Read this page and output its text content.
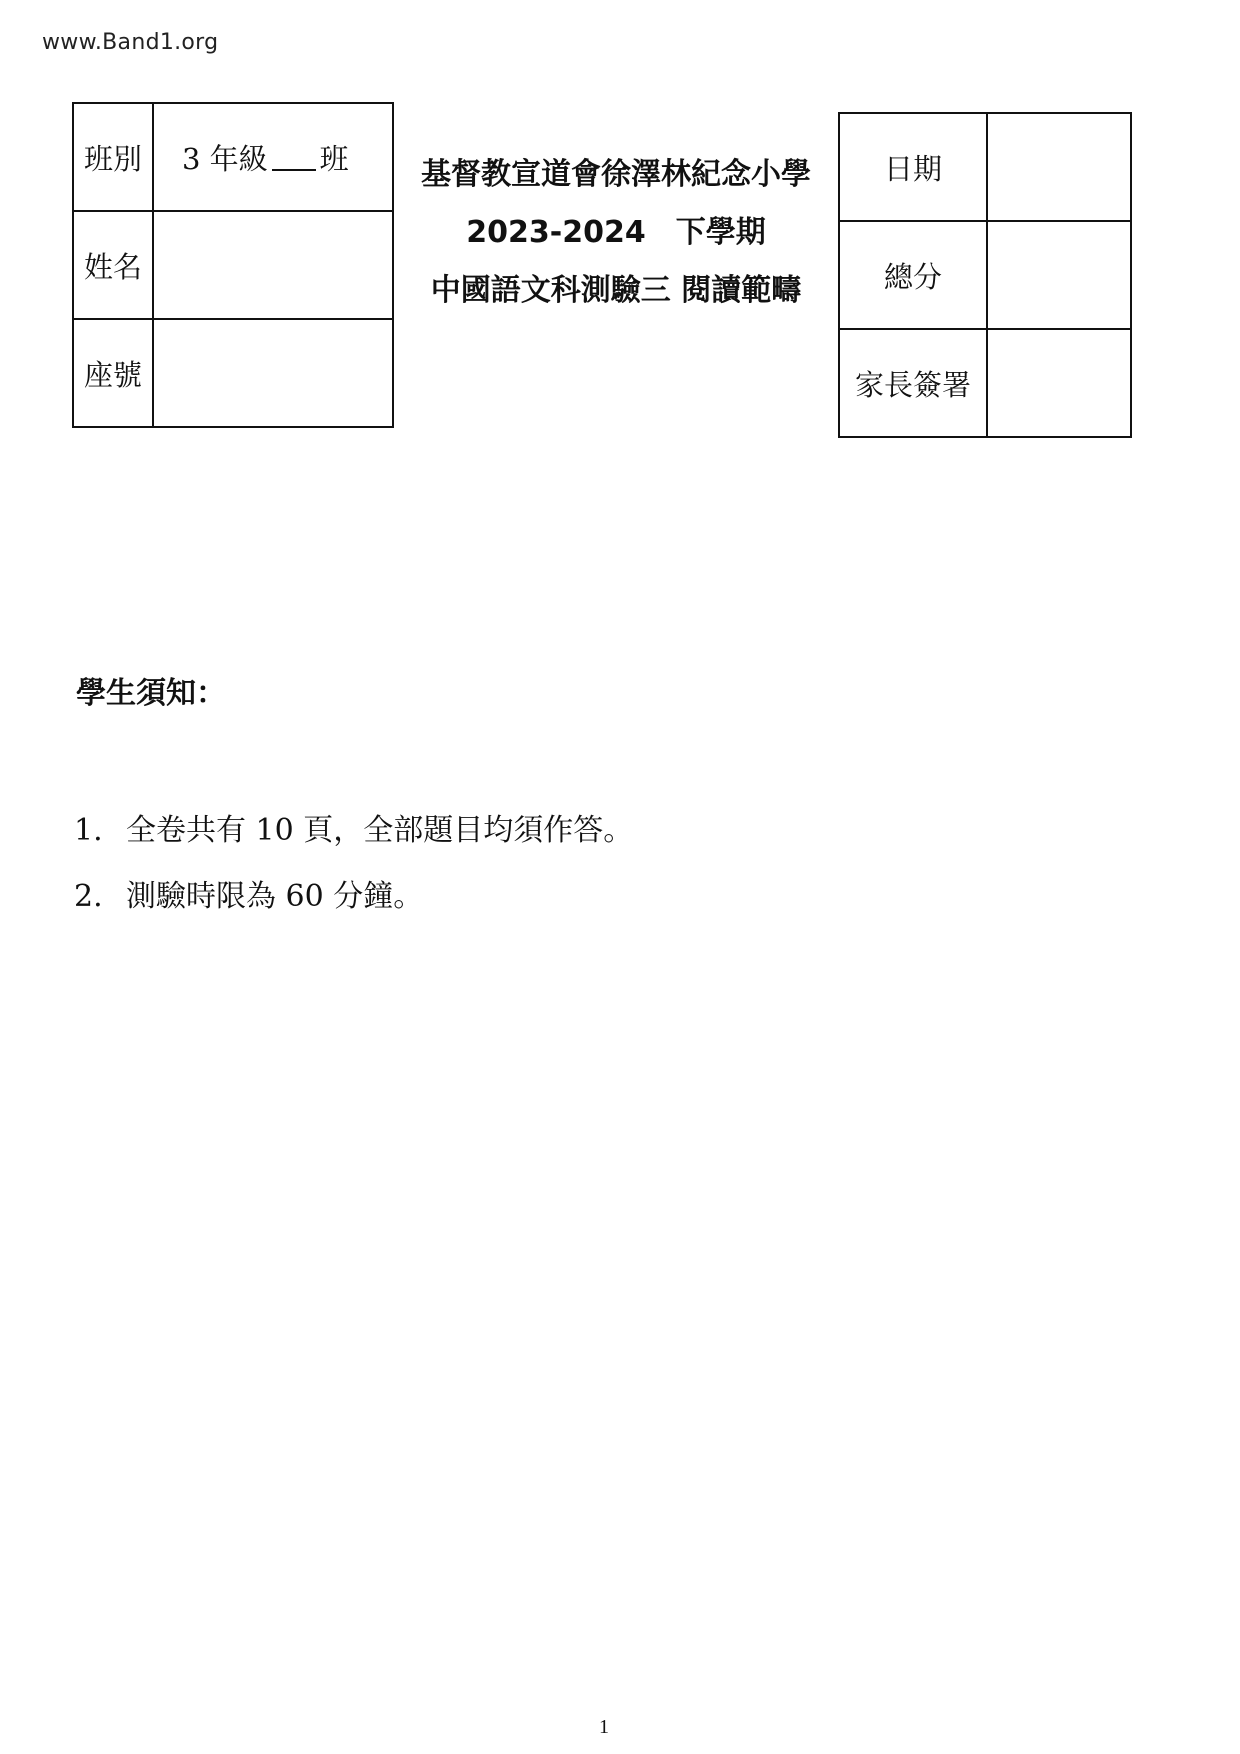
www.Band1.org
班別	3 年級 班
姓名	
座號	
基督教宣道會徐澤林紀念小學
2023-2024　下學期
中國語文科測驗三 閱讀範疇
日期	
總分	
家長簽署	
學生須知：
1. 全卷共有 10 頁，全部題目均須作答。
2. 測驗時限為 60 分鐘。
1
